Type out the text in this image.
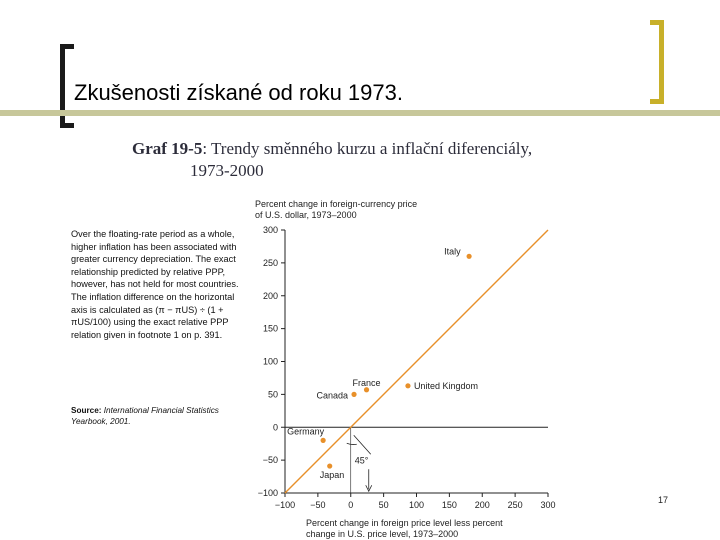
Zkušenosti získané od roku 1973.
Graf 19-5: Trendy směnného kurzu a inflační diferenciály,
1973-2000
Over the floating-rate period as a whole, higher inflation has been associated with greater currency depreciation. The exact relationship predicted by relative PPP, however, has not held for most countries. The inflation difference on the horizontal axis is calculated as (π − πUS) ÷ (1 + πUS/100) using the exact relative PPP relation given in footnote 1 on p. 391.
Source: International Financial Statistics Yearbook, 2001.
−100 −50	0	50 100 150 200 250 300
300
250
200
150
100
50
0
−50
−100
45°
Italy
United Kingdom
France
Canada
Germany
Japan
Percent change in foreign-currency price
of U.S. dollar, 1973–2000
Percent change in foreign price level less percent
change in U.S. price level, 1973–2000
17
